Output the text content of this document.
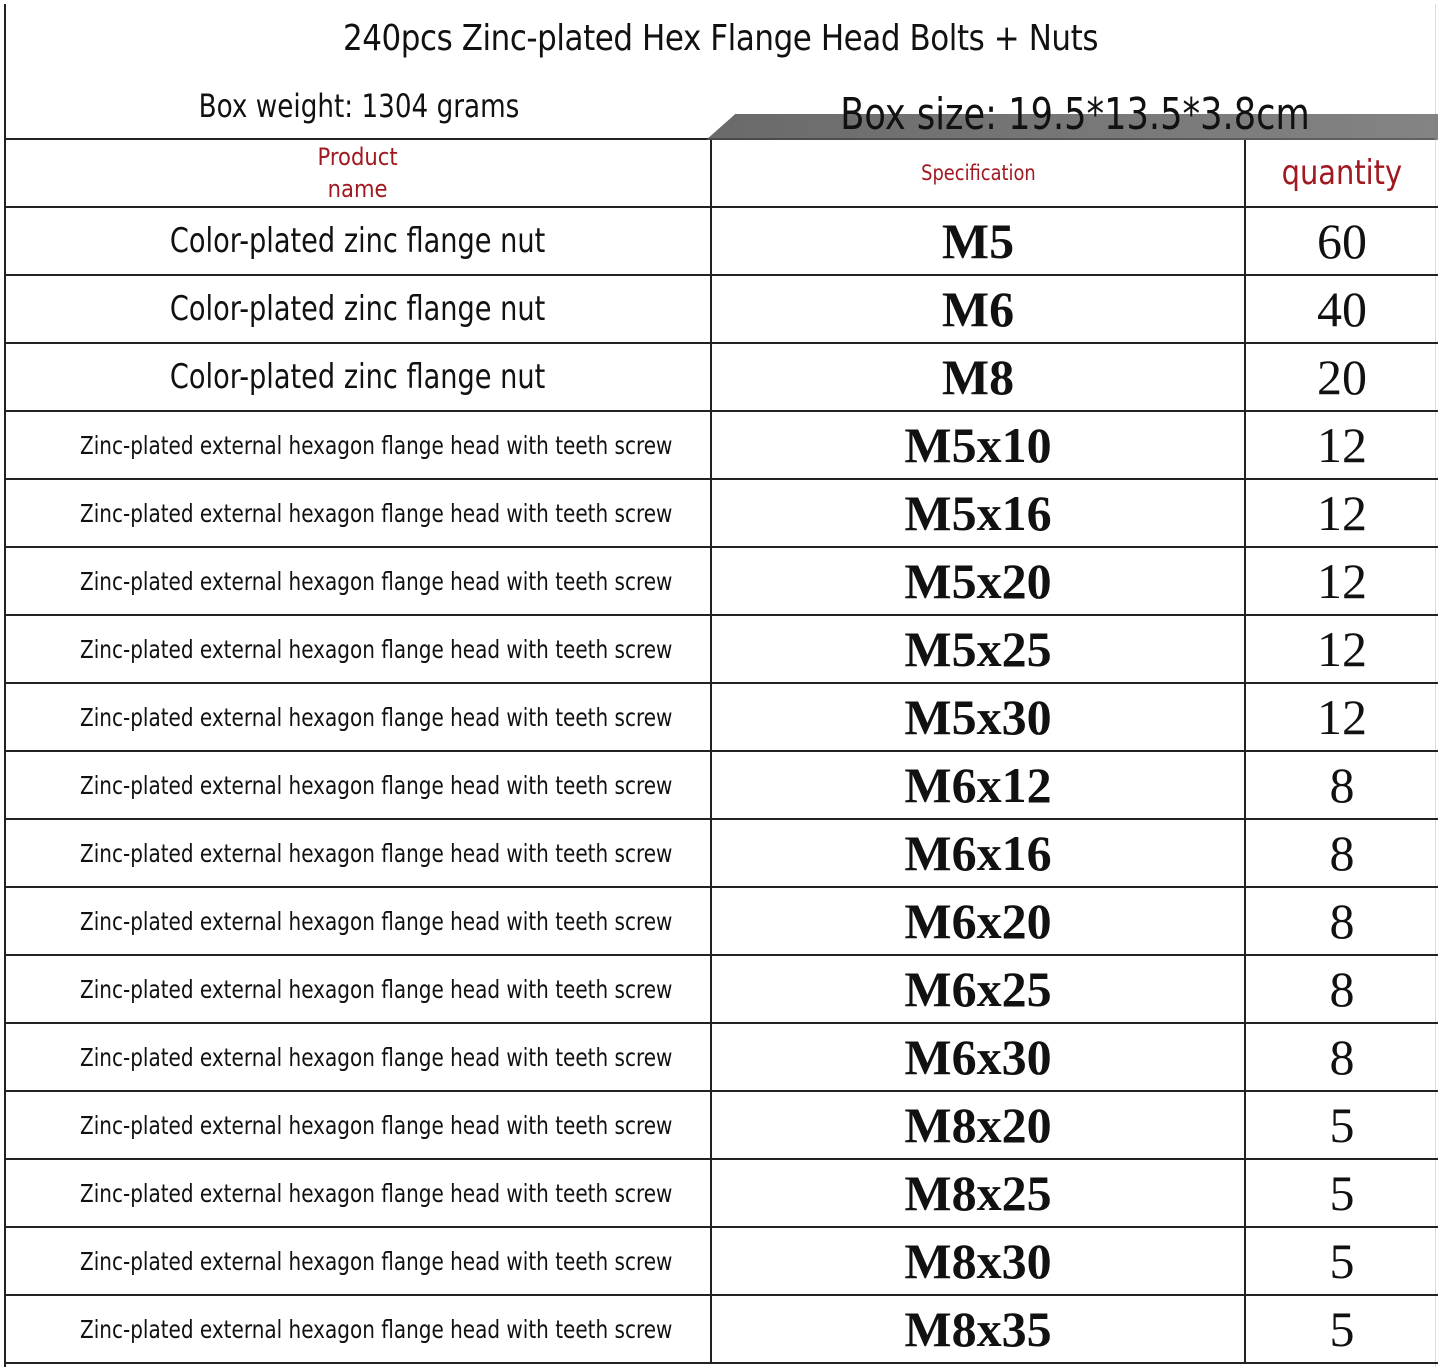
240pcs Zinc-plated Hex Flange Head Bolts + Nuts
Box weight: 1304 grams	Box size: 19.5*13.5*3.8cm
Product
name	Specification	quantity
Color-plated zinc flange nut	M5	60
Color-plated zinc flange nut	M6	40
Color-plated zinc flange nut	M8	20
Zinc-plated external hexagon flange head with teeth screw	M5x10	12
Zinc-plated external hexagon flange head with teeth screw	M5x16	12
Zinc-plated external hexagon flange head with teeth screw	M5x20	12
Zinc-plated external hexagon flange head with teeth screw	M5x25	12
Zinc-plated external hexagon flange head with teeth screw	M5x30	12
Zinc-plated external hexagon flange head with teeth screw	M6x12	8
Zinc-plated external hexagon flange head with teeth screw	M6x16	8
Zinc-plated external hexagon flange head with teeth screw	M6x20	8
Zinc-plated external hexagon flange head with teeth screw	M6x25	8
Zinc-plated external hexagon flange head with teeth screw	M6x30	8
Zinc-plated external hexagon flange head with teeth screw	M8x20	5
Zinc-plated external hexagon flange head with teeth screw	M8x25	5
Zinc-plated external hexagon flange head with teeth screw	M8x30	5
Zinc-plated external hexagon flange head with teeth screw	M8x35	5
